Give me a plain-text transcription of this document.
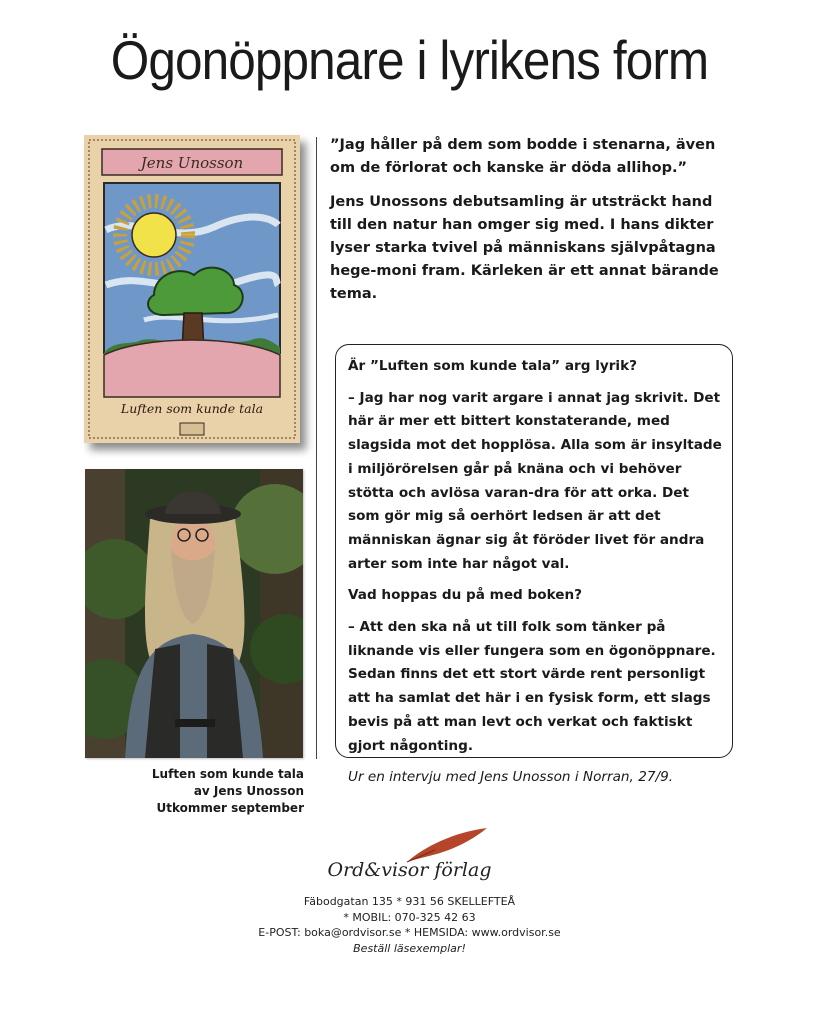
Ögonöppnare i lyrikens form
Jens Unosson
Luften som kunde tala
Luften som kunde tala
av Jens Unosson
Utkommer september

”Jag håller på dem som bodde i stenarna, även om de förlorat och kanske är döda allihop.”

Jens Unossons debutsamling är utsträckt hand till den natur han omger sig med. I hans dikter lyser starka tvivel på människans självpåtagna hege-moni fram. Kärleken är ett annat bärande tema.

Är ”Luften som kunde tala” arg lyrik?

– Jag har nog varit argare i annat jag skrivit. Det här är mer ett bittert konstaterande, med slagsida mot det hopplösa. Alla som är insyltade i miljörörelsen går på knäna och vi behöver stötta och avlösa varan-dra för att orka. Det som gör mig så oerhört ledsen är att det människan ägnar sig åt föröder livet för andra arter som inte har något val.

Vad hoppas du på med boken?

– Att den ska nå ut till folk som tänker på liknande vis eller fungera som en ögonöppnare. Sedan finns det ett stort värde rent personligt att ha samlat det här i en fysisk form, ett slags bevis på att man levt och verkat och faktiskt gjort någonting.

Ur en intervju med Jens Unosson i Norran, 27/9.

Ord&visor förlag
Fäbodgatan 135 * 931 56 SKELLEFTEÅ
* MOBIL: 070-325 42 63
E-POST: boka@ordvisor.se * HEMSIDA: www.ordvisor.se
Beställ läsexemplar!
